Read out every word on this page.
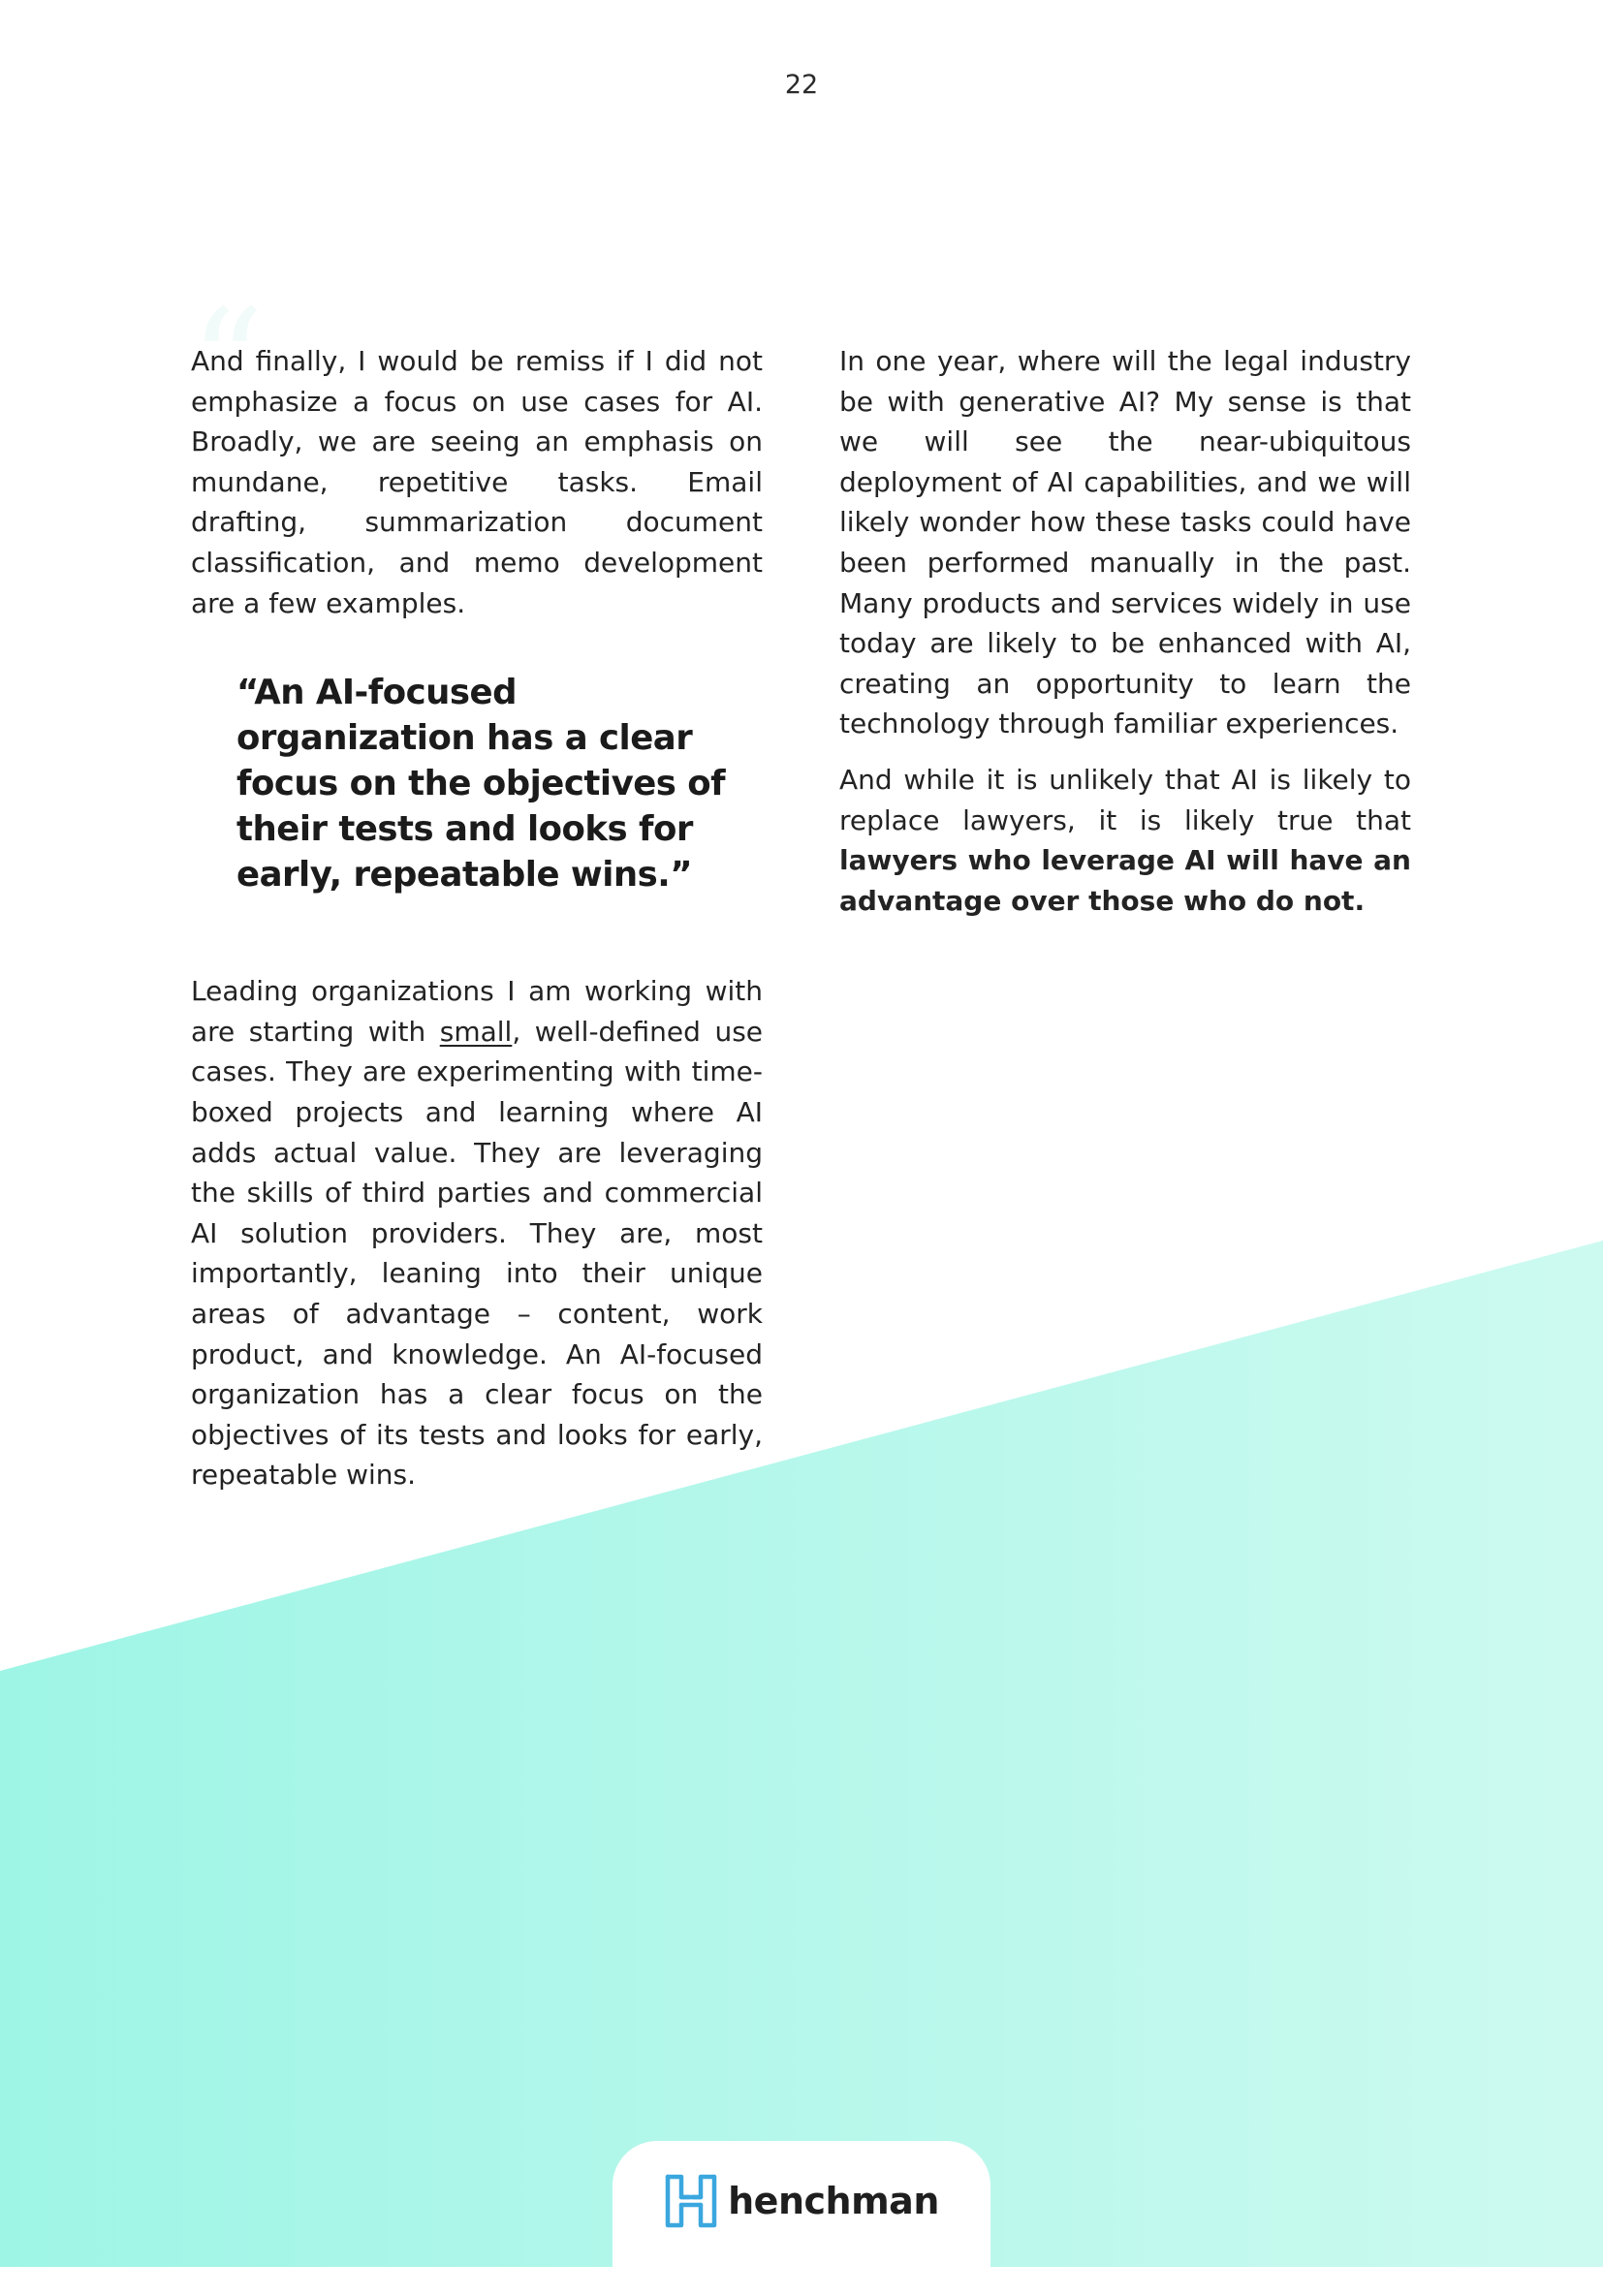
22
“

And finally, I would be remiss if I did not emphasize a focus on use cases for AI. Broadly, we are seeing an emphasis on mundane, repetitive tasks. Email drafting, summarization document classification, and memo development are a few examples.

“An AI-focused organization has a clear focus on the objectives of their tests and looks for early, repeatable wins.”

Leading organizations I am working with are starting with small, well-defined use cases. They are experimenting with time-boxed projects and learning where AI adds actual value. They are leveraging the skills of third parties and commercial AI solution providers. They are, most importantly, leaning into their unique areas of advantage – content, work product, and knowledge. An AI-focused organization has a clear focus on the objectives of its tests and looks for early, repeatable wins.

In one year, where will the legal industry be with generative AI? My sense is that we will see the near-ubiquitous deployment of AI capabilities, and we will likely wonder how these tasks could have been performed manually in the past. Many products and services widely in use today are likely to be enhanced with AI, creating an opportunity to learn the technology through familiar experiences.

And while it is unlikely that AI is likely to replace lawyers, it is likely true that lawyers who leverage AI will have an advantage over those who do not.

henchman
